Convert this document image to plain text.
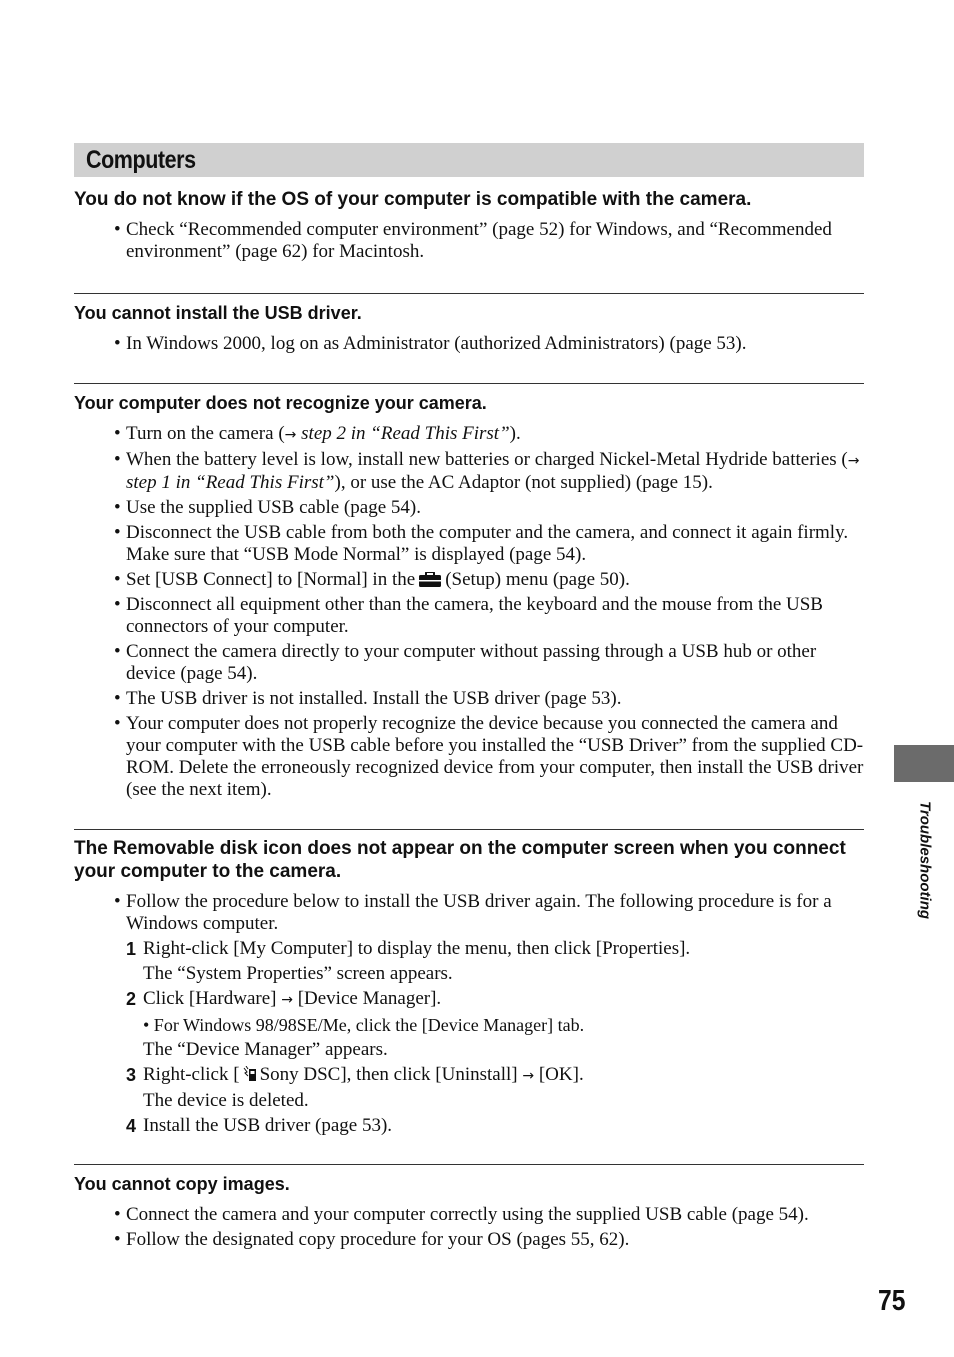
Computers

You do not know if the OS of your computer is compatible with the camera.

• Check “Recommended computer environment” (page 52) for Windows, and “Recommended environment” (page 62) for Macintosh.

You cannot install the USB driver.

• In Windows 2000, log on as Administrator (authorized Administrators) (page 53).

Your computer does not recognize your camera.

• Turn on the camera (→ step 2 in “Read This First”).
• When the battery level is low, install new batteries or charged Nickel-Metal Hydride batteries (→ step 1 in “Read This First”), or use the AC Adaptor (not supplied) (page 15).
• Use the supplied USB cable (page 54).
• Disconnect the USB cable from both the computer and the camera, and connect it again firmly. Make sure that “USB Mode Normal” is displayed (page 54).
• Set [USB Connect] to [Normal] in the (Setup) menu (page 50).
• Disconnect all equipment other than the camera, the keyboard and the mouse from the USB connectors of your computer.
• Connect the camera directly to your computer without passing through a USB hub or other device (page 54).
• The USB driver is not installed. Install the USB driver (page 53).
• Your computer does not properly recognize the device because you connected the camera and your computer with the USB cable before you installed the “USB Driver” from the supplied CD-ROM. Delete the erroneously recognized device from your computer, then install the USB driver (see the next item).

The Removable disk icon does not appear on the computer screen when you connect your computer to the camera.

• Follow the procedure below to install the USB driver again. The following procedure is for a Windows computer.
1 Right-click [My Computer] to display the menu, then click [Properties].
The “System Properties” screen appears.
2 Click [Hardware] → [Device Manager].
• For Windows 98/98SE/Me, click the [Device Manager] tab.
The “Device Manager” appears.
3 Right-click [ Sony DSC], then click [Uninstall] → [OK].
The device is deleted.
4 Install the USB driver (page 53).

You cannot copy images.

• Connect the camera and your computer correctly using the supplied USB cable (page 54).
• Follow the designated copy procedure for your OS (pages 55, 62).
Troubleshooting
75
